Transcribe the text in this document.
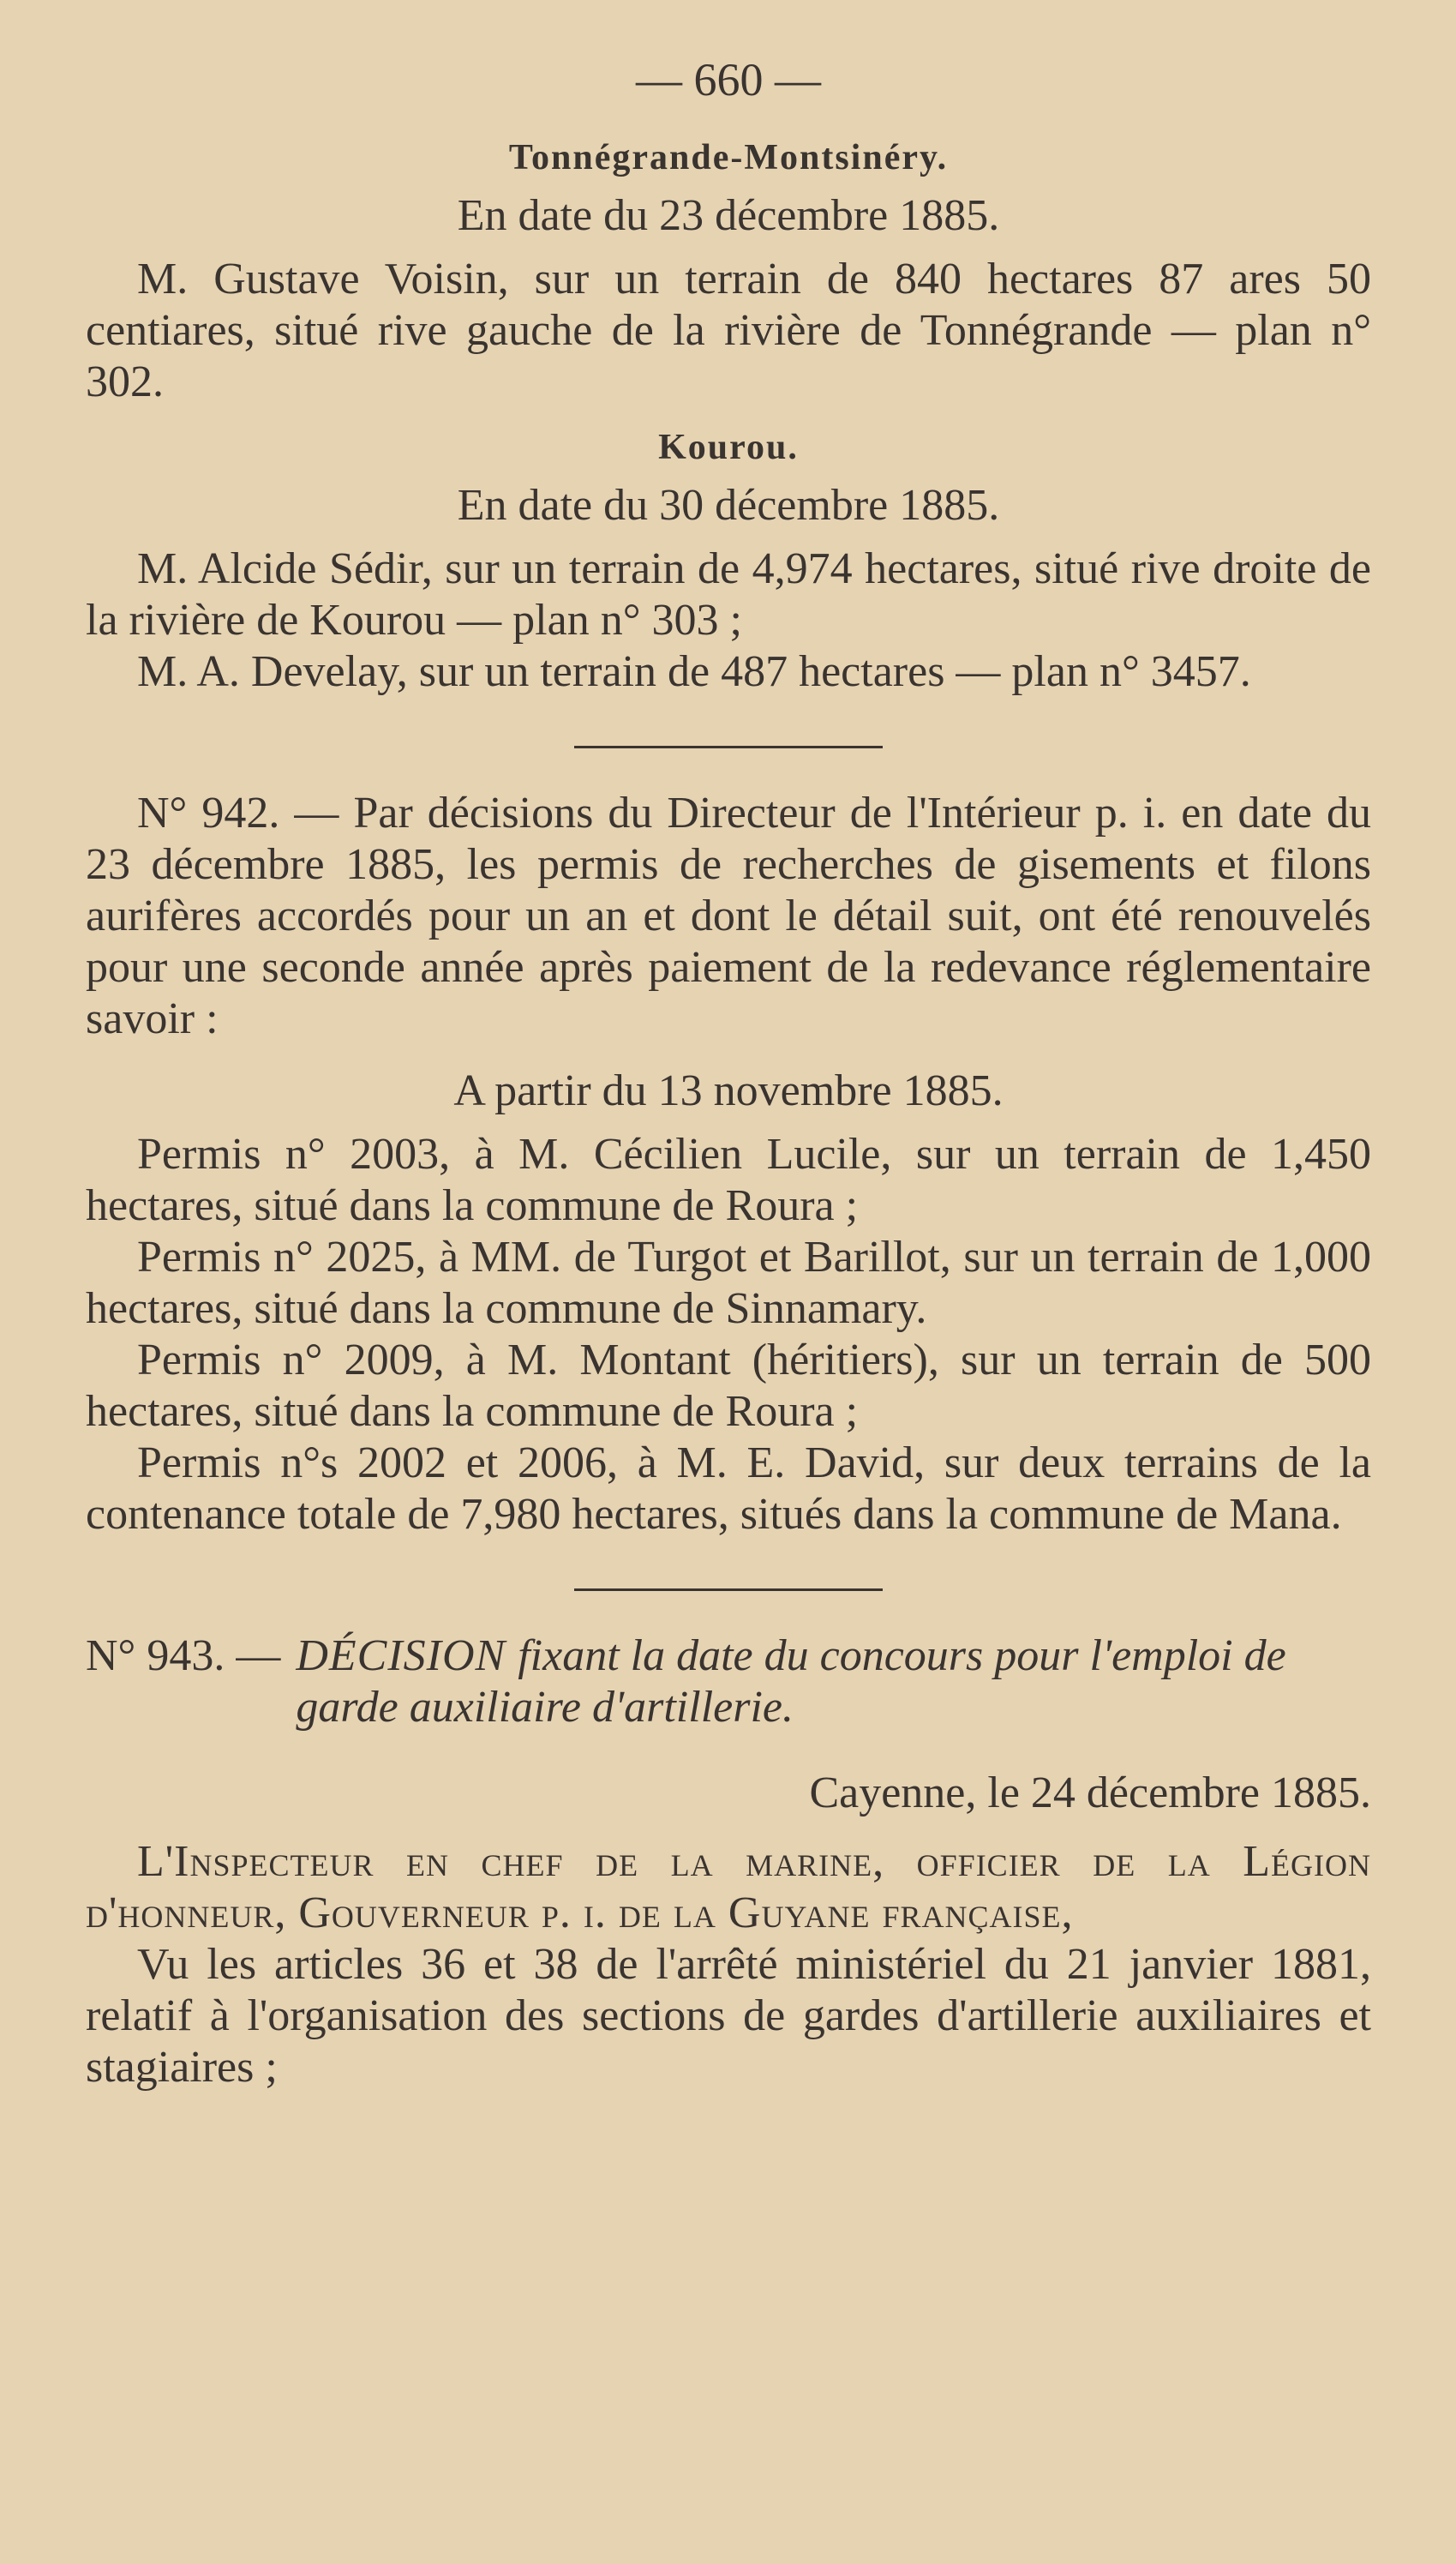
— 660 —
Tonnégrande-Montsinéry.

En date du 23 décembre 1885.

M. Gustave Voisin, sur un terrain de 840 hectares 87 ares 50 centiares, situé rive gauche de la rivière de Tonnégrande — plan n° 302.

Kourou.

En date du 30 décembre 1885.

M. Alcide Sédir, sur un terrain de 4,974 hectares, situé rive droite de la rivière de Kourou — plan n° 303 ;

M. A. Develay, sur un terrain de 487 hectares — plan n° 3457.

N° 942. — Par décisions du Directeur de l'Intérieur p. i. en date du 23 décembre 1885, les permis de recherches de gisements et filons aurifères accordés pour un an et dont le détail suit, ont été renouvelés pour une seconde année après paiement de la redevance réglementaire savoir :

A partir du 13 novembre 1885.

Permis n° 2003, à M. Cécilien Lucile, sur un terrain de 1,450 hectares, situé dans la commune de Roura ;

Permis n° 2025, à MM. de Turgot et Barillot, sur un terrain de 1,000 hectares, situé dans la commune de Sinnamary.

Permis n° 2009, à M. Montant (héritiers), sur un terrain de 500 hectares, situé dans la commune de Roura ;

Permis n°s 2002 et 2006, à M. E. David, sur deux terrains de la contenance totale de 7,980 hectares, situés dans la commune de Mana.

N° 943. — DÉCISION fixant la date du concours pour l'emploi de garde auxiliaire d'artillerie.

Cayenne, le 24 décembre 1885.

L'Inspecteur en chef de la marine, officier de la Légion d'honneur, Gouverneur p. i. de la Guyane française,

Vu les articles 36 et 38 de l'arrêté ministériel du 21 janvier 1881, relatif à l'organisation des sections de gardes d'artillerie auxiliaires et stagiaires ;
